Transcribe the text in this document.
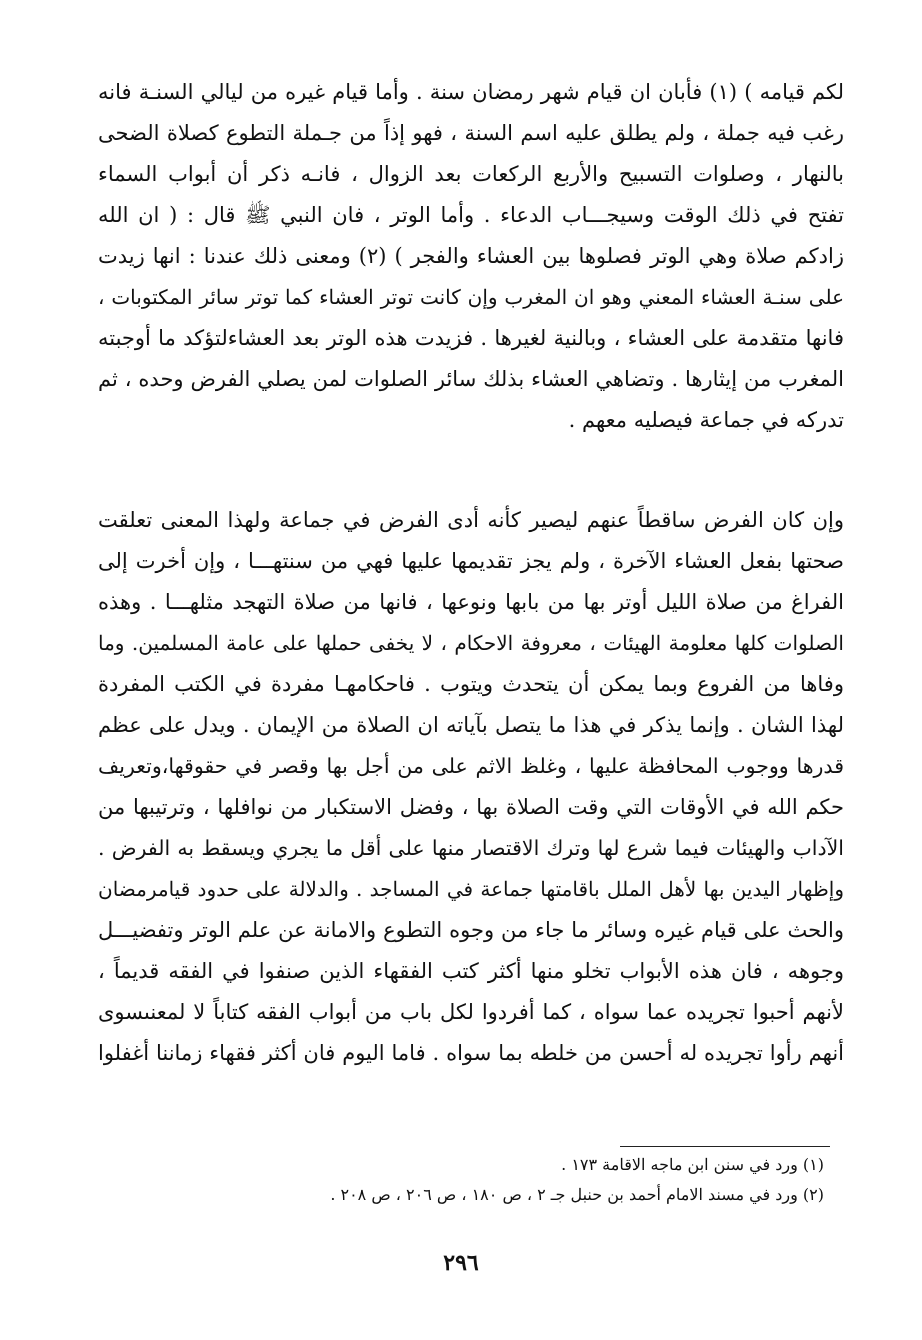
لكم قيامه ) (١) فأبان ان قيام شهر رمضان سنة . وأما قيام غيره من ليالي السنـة فانه
رغب فيه جملة ، ولم يطلق عليه اسم السنة ، فهو إذاً من جـملة التطوع كصلاة الضحى
بالنهار ، وصلوات التسبيح والأربع الركعات بعد الزوال ، فانـه ذكر أن أبواب السماء
تفتح في ذلك الوقت وسيجـــاب الدعاء . وأما الوتر ، فان النبي ﷺ قال : ( ان الله
زادكم صلاة وهي الوتر فصلوها بين العشاء والفجر ) (٢) ومعنى ذلك عندنا : انها زيدت
على سنـة العشاء المعني وهو ان المغرب وإن كانت توتر العشاء كما توتر سائر المكتوبات ،
فانها متقدمة على العشاء ، وبالنية لغيرها . فزيدت هذه الوتر بعد العشاءلتؤكد ما أوجبته
المغرب من إيثارها . وتضاهي العشاء بذلك سائر الصلوات لمن يصلي الفرض وحده ، ثم
تدركه في جماعة فيصليه معهم .
وإن كان الفرض ساقطاً عنهم ليصير كأنه أدى الفرض في جماعة ولهذا المعنى تعلقت
صحتها بفعل العشاء الآخرة ، ولم يجز تقديمها عليها فهي من سنتهـــا ، وإن أخرت إلى
الفراغ من صلاة الليل أوتر بها من بابها ونوعها ، فانها من صلاة التهجد مثلهـــا . وهذه
الصلوات كلها معلومة الهيئات ، معروفة الاحكام ، لا يخفى حملها على عامة المسلمين. وما
وفاها من الفروع وبما يمكن أن يتحدث ويتوب . فاحكامهـا مفردة في الكتب المفردة
لهذا الشان . وإنما يذكر في هذا ما يتصل بآياته ان الصلاة من الإيمان . ويدل على عظم
قدرها ووجوب المحافظة عليها ، وغلظ الاثم على من أجل بها وقصر في حقوقها،وتعريف
حكم الله في الأوقات التي وقت الصلاة بها ، وفضل الاستكبار من نوافلها ، وترتيبها من
الآداب والهيئات فيما شرع لها وترك الاقتصار منها على أقل ما يجري ويسقط به الفرض .
وإظهار اليدين بها لأهل الملل باقامتها جماعة في المساجد . والدلالة على حدود قيامرمضان
والحث على قيام غيره وسائر ما جاء من وجوه التطوع والامانة عن علم الوتر وتفضيـــل
وجوهه ، فان هذه الأبواب تخلو منها أكثر كتب الفقهاء الذين صنفوا في الفقه قديماً ،
لأنهم أحبوا تجريده عما سواه ، كما أفردوا لكل باب من أبواب الفقه كتاباً لا لمعنىسوى
أنهم رأوا تجريده له أحسن من خلطه بما سواه . فاما اليوم فان أكثر فقهاء زماننا أغفلوا
(١) ورد في سنن ابن ماجه الاقامة ١٧٣ .
(٢) ورد في مسند الامام أحمد بن حنبل جـ ٢ ، ص ١٨٠ ، ص ٢٠٦ ، ص ٢٠٨ .
٢٩٦
